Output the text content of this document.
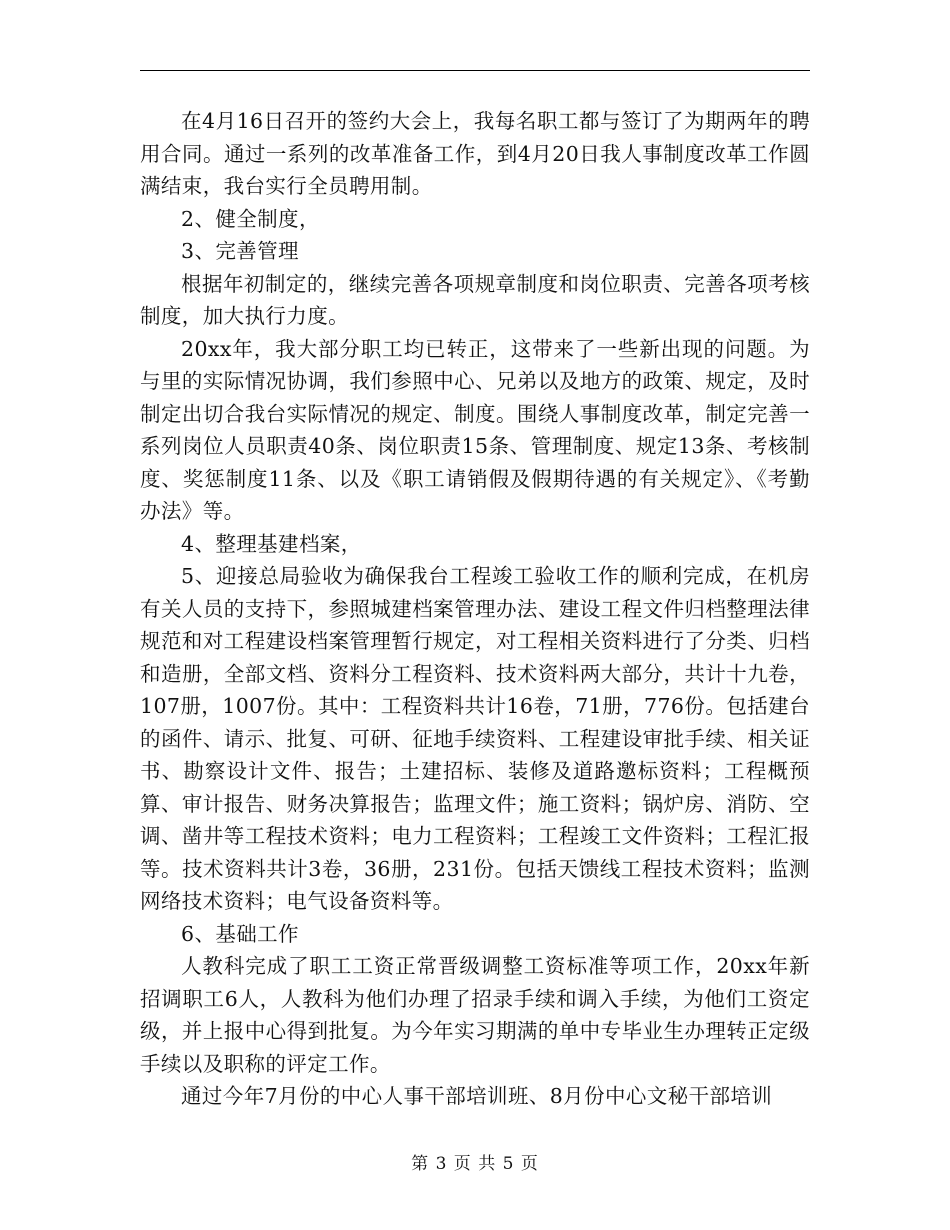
在4月16日召开的签约大会上，我每名职工都与签订了为期两年的聘用合同。通过一系列的改革准备工作，到4月20日我人事制度改革工作圆满结束，我台实行全员聘用制。

2、健全制度，

3、完善管理

根据年初制定的，继续完善各项规章制度和岗位职责、完善各项考核制度，加大执行力度。

20xx年，我大部分职工均已转正，这带来了一些新出现的问题。为与里的实际情况协调，我们参照中心、兄弟以及地方的政策、规定，及时制定出切合我台实际情况的规定、制度。围绕人事制度改革，制定完善一系列岗位人员职责40条、岗位职责15条、管理制度、规定13条、考核制度、奖惩制度11条、以及《职工请销假及假期待遇的有关规定》、《考勤办法》等。

4、整理基建档案，

5、迎接总局验收为确保我台工程竣工验收工作的顺利完成，在机房有关人员的支持下，参照城建档案管理办法、建设工程文件归档整理法律规范和对工程建设档案管理暂行规定，对工程相关资料进行了分类、归档和造册，全部文档、资料分工程资料、技术资料两大部分，共计十九卷，107册，1007份。其中：工程资料共计16卷，71册，776份。包括建台的函件、请示、批复、可研、征地手续资料、工程建设审批手续、相关证书、勘察设计文件、报告；土建招标、装修及道路邀标资料；工程概预算、审计报告、财务决算报告；监理文件；施工资料；锅炉房、消防、空调、凿井等工程技术资料；电力工程资料；工程竣工文件资料；工程汇报等。技术资料共计3卷，36册，231份。包括天馈线工程技术资料；监测网络技术资料；电气设备资料等。

6、基础工作

人教科完成了职工工资正常晋级调整工资标准等项工作，20xx年新招调职工6人，人教科为他们办理了招录手续和调入手续，为他们工资定级，并上报中心得到批复。为今年实习期满的单中专毕业生办理转正定级手续以及职称的评定工作。

通过今年7月份的中心人事干部培训班、8月份中心文秘干部培训

第 3 页 共 5 页
